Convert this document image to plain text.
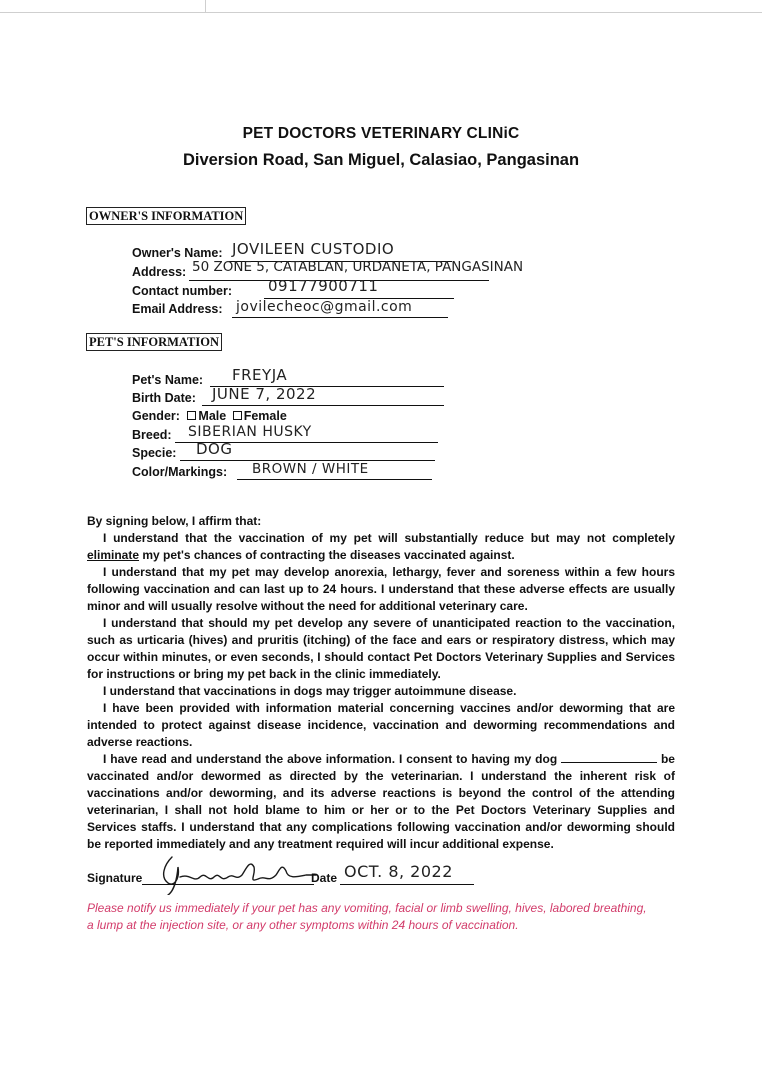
PET DOCTORS VETERINARY CLINiC
Diversion Road, San Miguel, Calasiao, Pangasinan
OWNER'S INFORMATION
Owner's Name: JOVILEEN CUSTODIO
Address: 50 ZONE 5, CATABLAN, URDANETA, PANGASINAN
Contact number: 09177900711
Email Address: jovilecheoc@gmail.com
PET'S INFORMATION
Pet's Name: FREYJA
Birth Date: JUNE 7, 2022
Gender: Male Female
Breed: SIBERIAN HUSKY
Specie: DOG
Color/Markings: BROWN / WHITE
By signing below, I affirm that:
I understand that the vaccination of my pet will substantially reduce but may not completely eliminate my pet's chances of contracting the diseases vaccinated against.
I understand that my pet may develop anorexia, lethargy, fever and soreness within a few hours following vaccination and can last up to 24 hours. I understand that these adverse effects are usually minor and will usually resolve without the need for additional veterinary care.
I understand that should my pet develop any severe of unanticipated reaction to the vaccination, such as urticaria (hives) and pruritis (itching) of the face and ears or respiratory distress, which may occur within minutes, or even seconds, I should contact Pet Doctors Veterinary Supplies and Services for instructions or bring my pet back in the clinic immediately.
I understand that vaccinations in dogs may trigger autoimmune disease.
I have been provided with information material concerning vaccines and/or deworming that are intended to protect against disease incidence, vaccination and deworming recommendations and adverse reactions.
I have read and understand the above information. I consent to having my dog	be vaccinated and/or dewormed as directed by the veterinarian. I understand the inherent risk of vaccinations and/or deworming, and its adverse reactions is beyond the control of the attending veterinarian, I shall not hold blame to him or her or to the Pet Doctors Veterinary Supplies and Services staffs. I understand that any complications following vaccination and/or deworming should be reported immediately and any treatment required will incur additional expense.
Signature	Date OCT. 8, 2022
Please notify us immediately if your pet has any vomiting, facial or limb swelling, hives, labored breathing, a lump at the injection site, or any other symptoms within 24 hours of vaccination.
